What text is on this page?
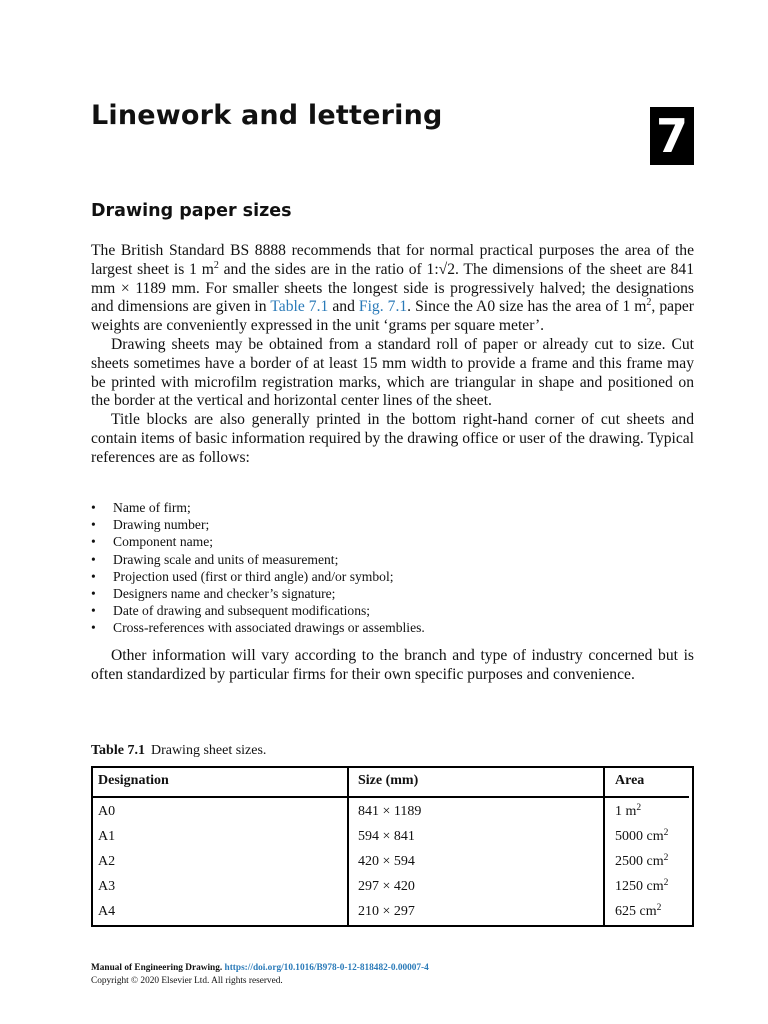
Linework and lettering	7
Drawing paper sizes

The British Standard BS 8888 recommends that for normal practical purposes the area of the largest sheet is 1 $m^2$ and the sides are in the ratio of 1:√2. The dimensions of the sheet are 841 mm × 1189 mm. For smaller sheets the longest side is progressively halved; the designations and dimensions are given in Table 7.1 and Fig. 7.1. Since the A0 size has the area of 1 $m^2$, paper weights are conveniently expressed in the unit ‘grams per square meter’.

Drawing sheets may be obtained from a standard roll of paper or already cut to size. Cut sheets sometimes have a border of at least 15 mm width to provide a frame and this frame may be printed with microfilm registration marks, which are triangular in shape and positioned on the border at the vertical and horizontal center lines of the sheet.

Title blocks are also generally printed in the bottom right-hand corner of cut sheets and contain items of basic information required by the drawing office or user of the drawing. Typical references are as follows:

• Name of firm;
• Drawing number;
• Component name;
• Drawing scale and units of measurement;
• Projection used (first or third angle) and/or symbol;
• Designers name and checker’s signature;
• Date of drawing and subsequent modifications;
• Cross-references with associated drawings or assemblies.

Other information will vary according to the branch and type of industry concerned but is often standardized by particular firms for their own specific purposes and convenience.

Table 7.1 Drawing sheet sizes.
Designation	Size (mm)	Area
A0	841 × 1189	1 $m^2$
A1	594 × 841	5000 $cm^2$
A2	420 × 594	2500 $cm^2$
A3	297 × 420	1250 $cm^2$
A4	210 × 297	625 $cm^2$
Manual of Engineering Drawing. https://doi.org/10.1016/B978-0-12-818482-0.00007-4
Copyright © 2020 Elsevier Ltd. All rights reserved.
